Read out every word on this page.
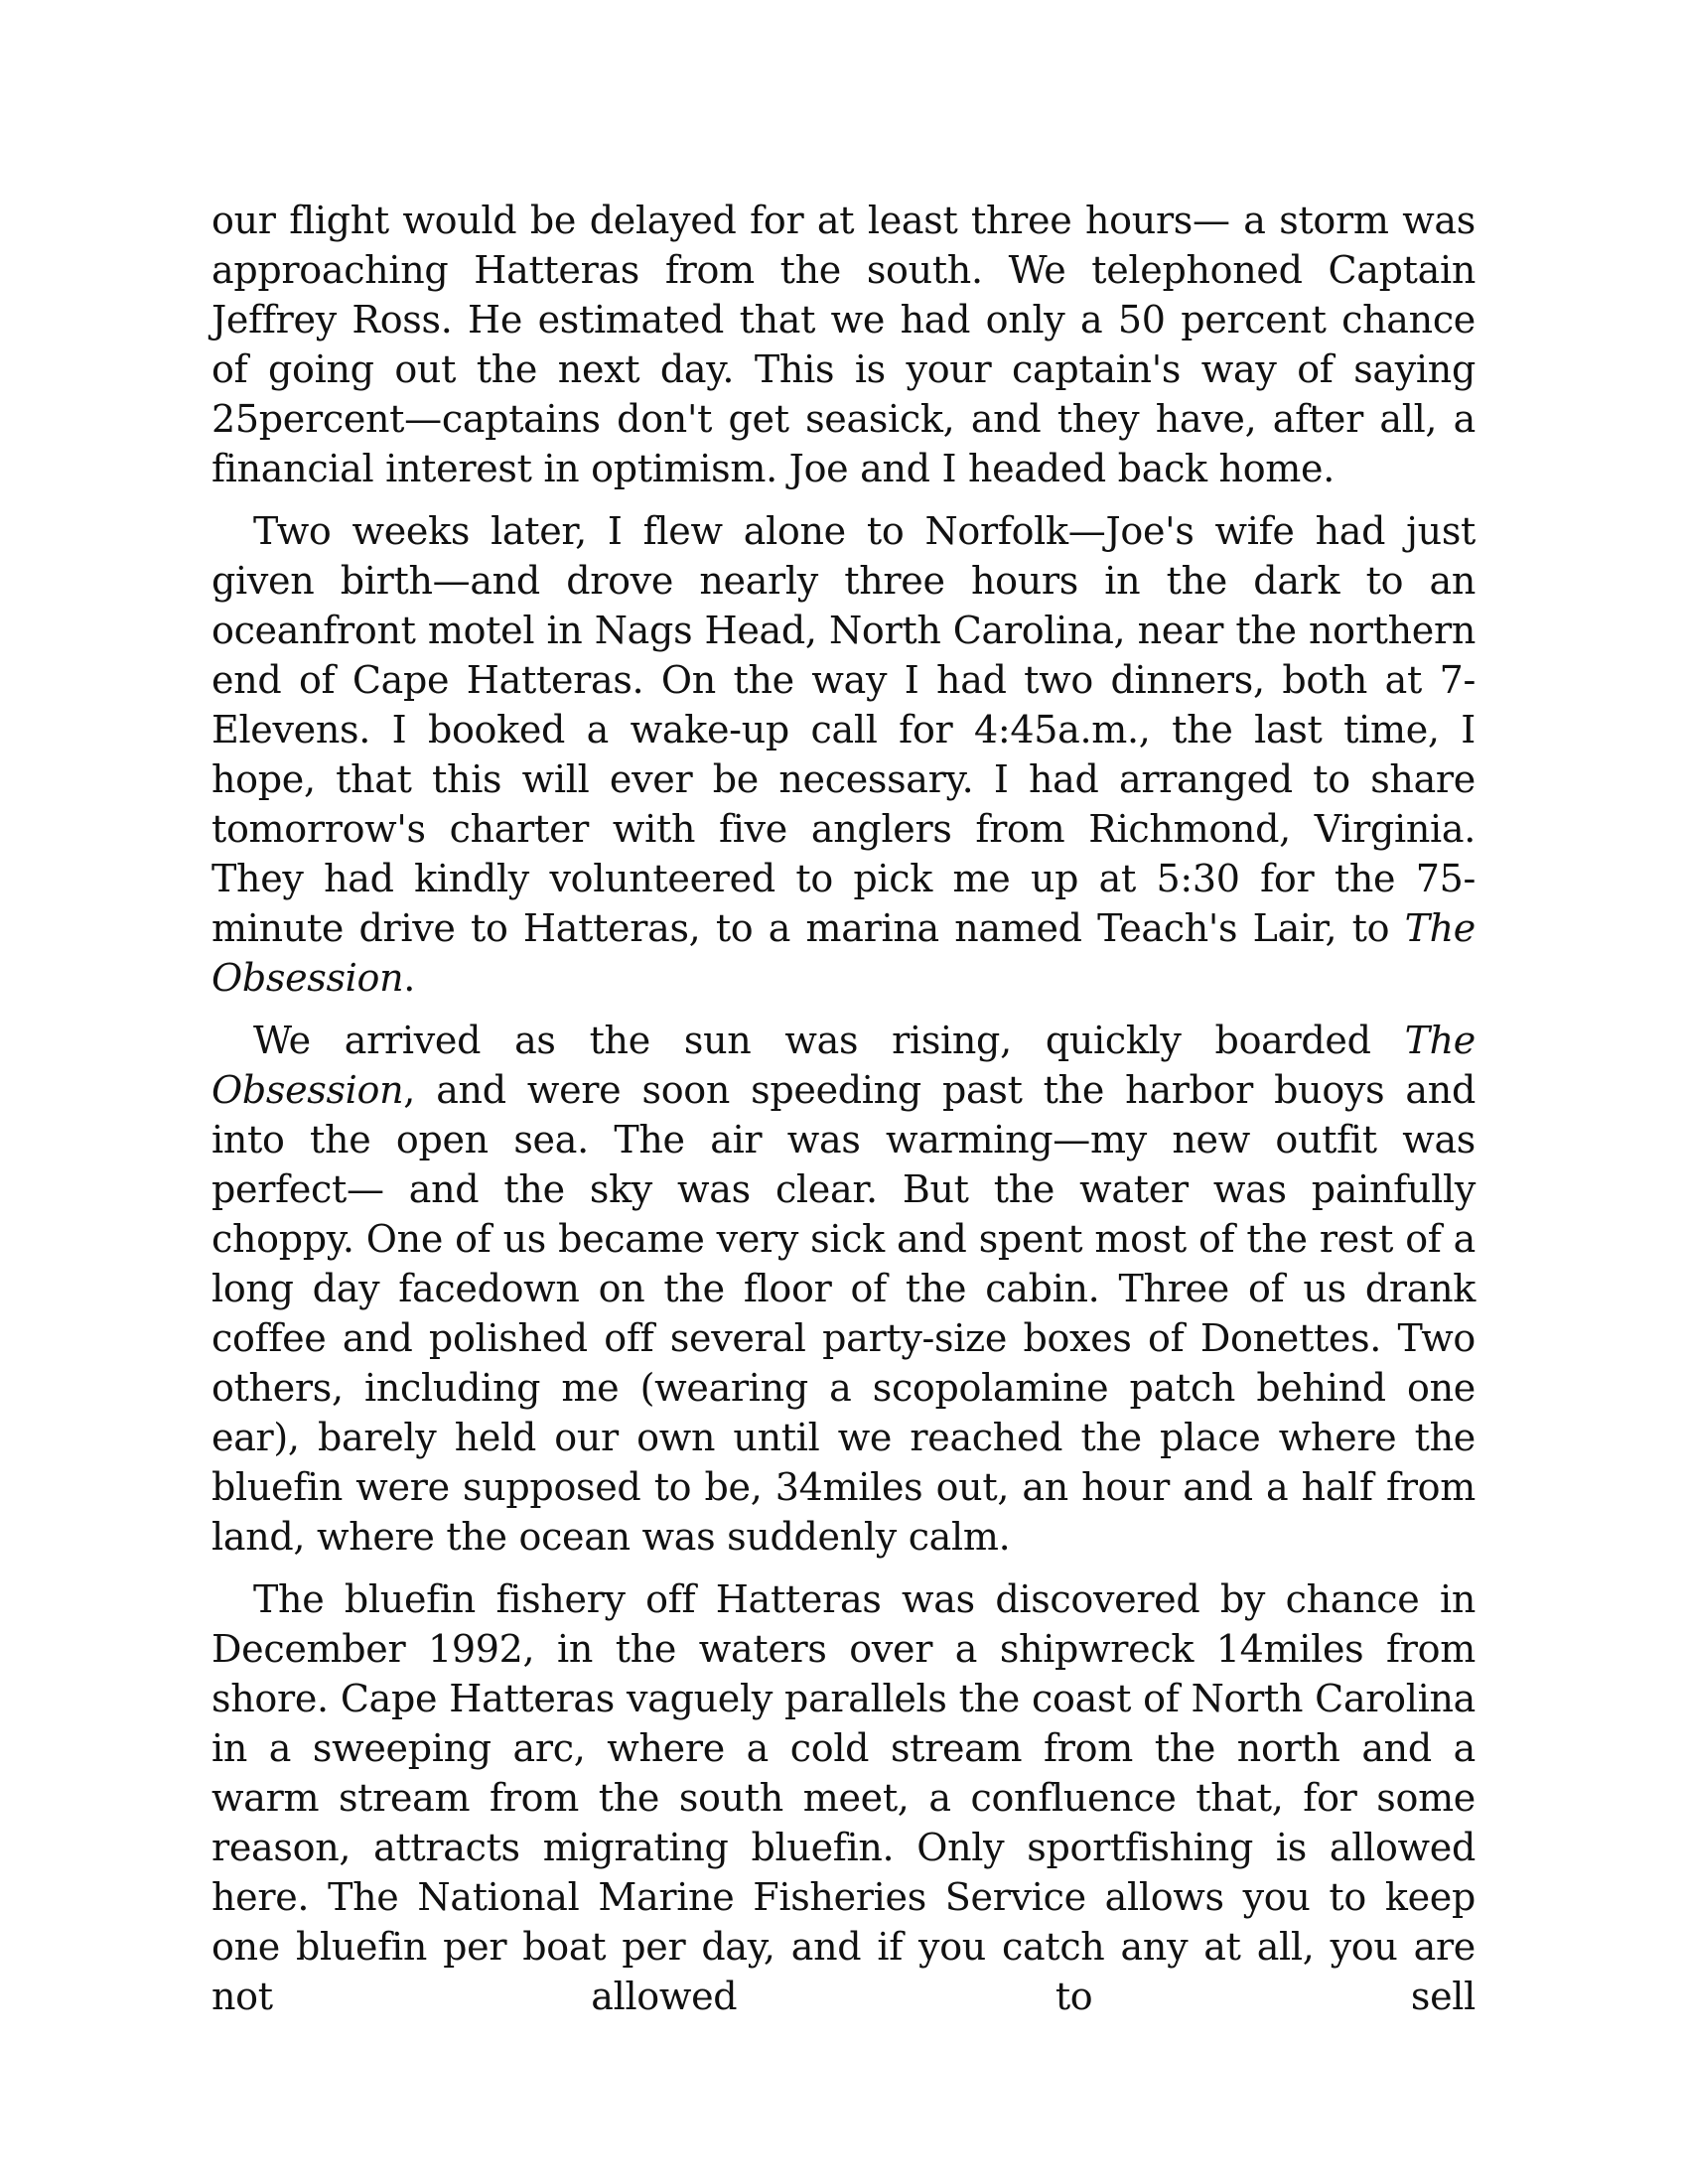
our flight would be delayed for at least three hours— a storm was approaching Hatteras from the south. We telephoned Captain Jeffrey Ross. He estimated that we had only a 50 percent chance of going out the next day. This is your captain's way of saying 25percent—captains don't get seasick, and they have, after all, a financial interest in optimism. Joe and I headed back home.

Two weeks later, I flew alone to Norfolk—Joe's wife had just given birth—and drove nearly three hours in the dark to an oceanfront motel in Nags Head, North Carolina, near the northern end of Cape Hatteras. On the way I had two dinners, both at 7-Elevens. I booked a wake-up call for 4:45a.m., the last time, I hope, that this will ever be necessary. I had arranged to share tomorrow's charter with five anglers from Richmond, Virginia. They had kindly volunteered to pick me up at 5:30 for the 75-minute drive to Hatteras, to a marina named Teach's Lair, to The Obsession.

We arrived as the sun was rising, quickly boarded The Obsession, and were soon speeding past the harbor buoys and into the open sea. The air was warming—my new outfit was perfect— and the sky was clear. But the water was painfully choppy. One of us became very sick and spent most of the rest of a long day facedown on the floor of the cabin. Three of us drank coffee and polished off several party-size boxes of Donettes. Two others, including me (wearing a scopolamine patch behind one ear), barely held our own until we reached the place where the bluefin were supposed to be, 34miles out, an hour and a half from land, where the ocean was suddenly calm.

The bluefin fishery off Hatteras was discovered by chance in December 1992, in the waters over a shipwreck 14miles from shore. Cape Hatteras vaguely parallels the coast of North Carolina in a sweeping arc, where a cold stream from the north and a warm stream from the south meet, a confluence that, for some reason, attracts migrating bluefin. Only sportfishing is allowed here. The National Marine Fisheries Service allows you to keep one bluefin per boat per day, and if you catch any at all, you are not allowed to sell
